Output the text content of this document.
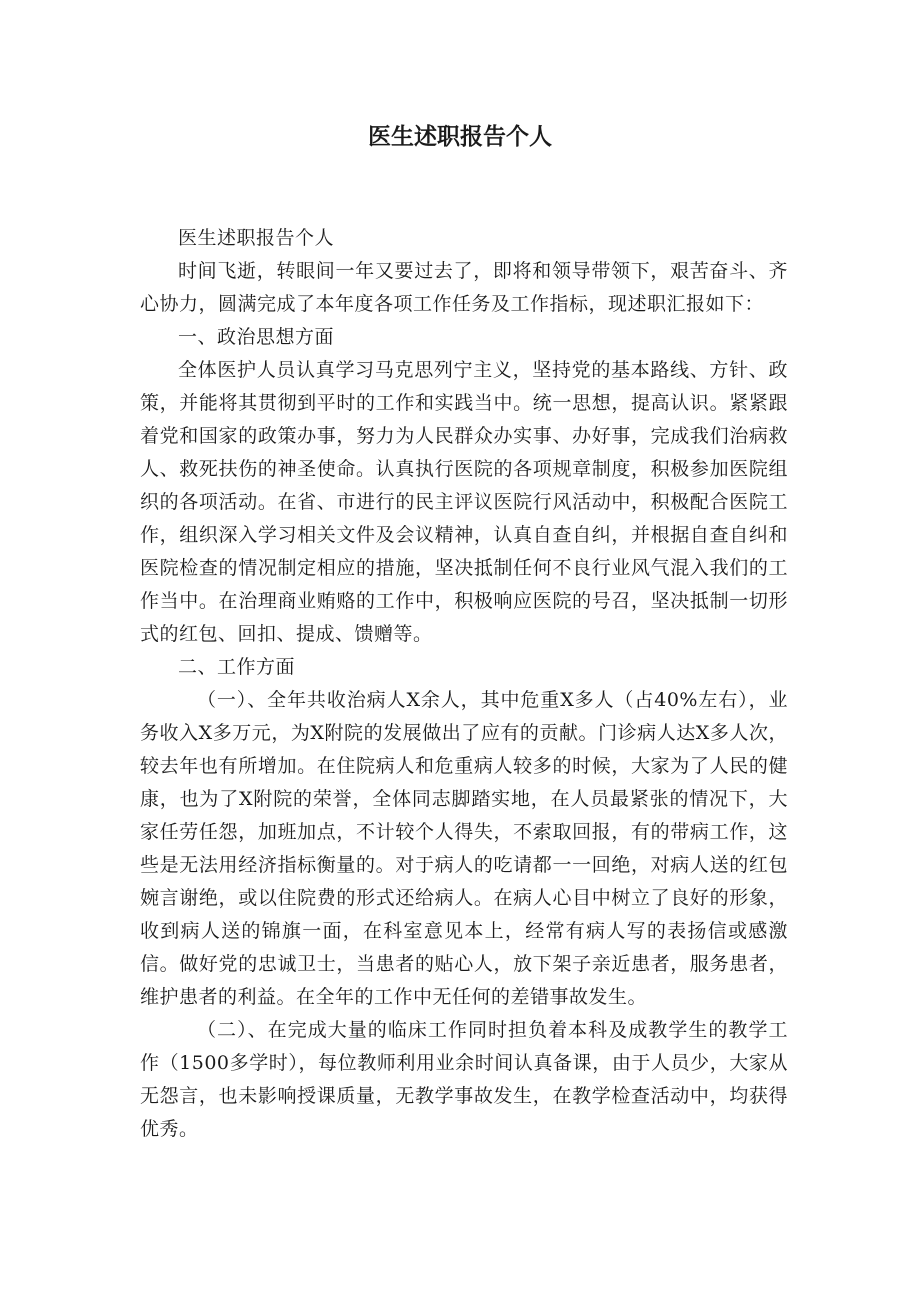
医生述职报告个人

医生述职报告个人

时间飞逝，转眼间一年又要过去了，即将和领导带领下，艰苦奋斗、齐心协力，圆满完成了本年度各项工作任务及工作指标，现述职汇报如下：

一、政治思想方面

全体医护人员认真学习马克思列宁主义，坚持党的基本路线、方针、政策，并能将其贯彻到平时的工作和实践当中。统一思想，提高认识。紧紧跟着党和国家的政策办事，努力为人民群众办实事、办好事，完成我们治病救人、救死扶伤的神圣使命。认真执行医院的各项规章制度，积极参加医院组织的各项活动。在省、市进行的民主评议医院行风活动中，积极配合医院工作，组织深入学习相关文件及会议精神，认真自查自纠，并根据自查自纠和医院检查的情况制定相应的措施，坚决抵制任何不良行业风气混入我们的工作当中。在治理商业贿赂的工作中，积极响应医院的号召，坚决抵制一切形式的红包、回扣、提成、馈赠等。

二、工作方面

（一）、全年共收治病人X余人，其中危重X多人（占40%左右），业务收入X多万元，为X附院的发展做出了应有的贡献。门诊病人达X多人次，较去年也有所增加。在住院病人和危重病人较多的时候，大家为了人民的健康，也为了X附院的荣誉，全体同志脚踏实地，在人员最紧张的情况下，大家任劳任怨，加班加点，不计较个人得失，不索取回报，有的带病工作，这些是无法用经济指标衡量的。对于病人的吃请都一一回绝，对病人送的红包婉言谢绝，或以住院费的形式还给病人。在病人心目中树立了良好的形象，收到病人送的锦旗一面，在科室意见本上，经常有病人写的表扬信或感激信。做好党的忠诚卫士，当患者的贴心人，放下架子亲近患者，服务患者，维护患者的利益。在全年的工作中无任何的差错事故发生。

（二）、在完成大量的临床工作同时担负着本科及成教学生的教学工作（1500多学时），每位教师利用业余时间认真备课，由于人员少，大家从无怨言，也未影响授课质量，无教学事故发生，在教学检查活动中，均获得优秀。
